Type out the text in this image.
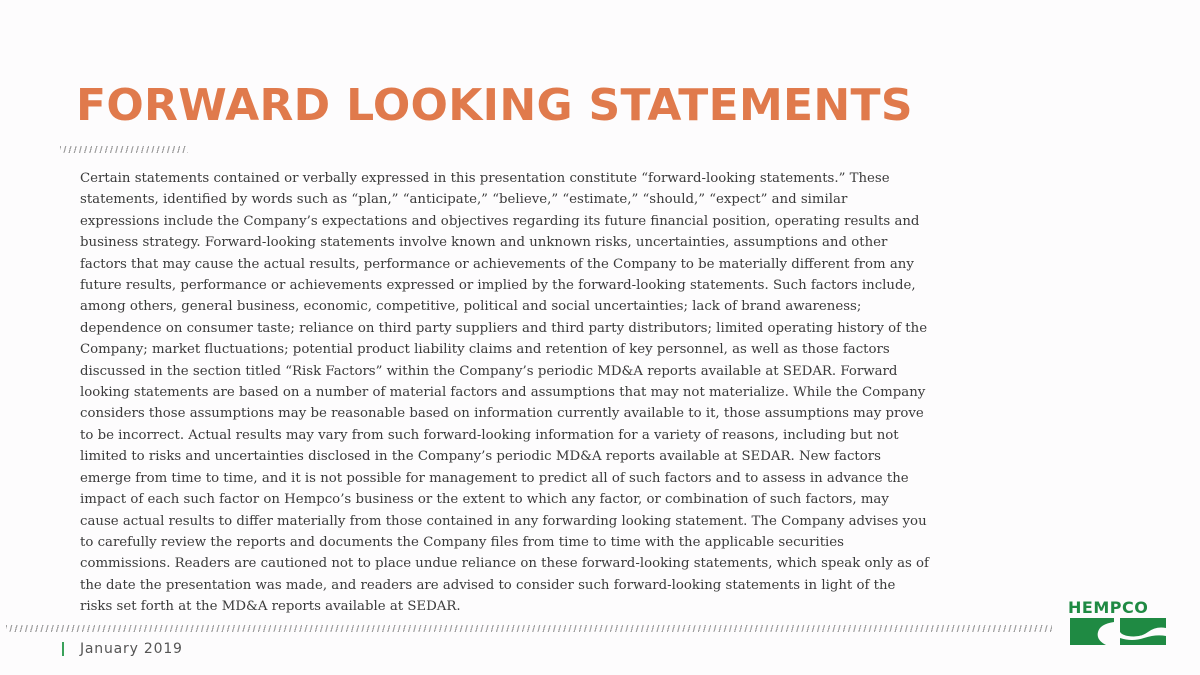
FORWARD LOOKING STATEMENTS

Certain statements contained or verbally expressed in this presentation constitute “forward-looking statements.” These statements, identified by words such as “plan,” “anticipate,” “believe,” “estimate,” “should,” “expect” and similar expressions include the Company’s expectations and objectives regarding its future financial position, operating results and business strategy. Forward-looking statements involve known and unknown risks, uncertainties, assumptions and other factors that may cause the actual results, performance or achievements of the Company to be materially different from any future results, performance or achievements expressed or implied by the forward-looking statements. Such factors include, among others, general business, economic, competitive, political and social uncertainties; lack of brand awareness; dependence on consumer taste; reliance on third party suppliers and third party distributors; limited operating history of the Company; market fluctuations; potential product liability claims and retention of key personnel, as well as those factors discussed in the section titled “Risk Factors” within the Company’s periodic MD&A reports available at SEDAR. Forward looking statements are based on a number of material factors and assumptions that may not materialize. While the Company considers those assumptions may be reasonable based on information currently available to it, those assumptions may prove to be incorrect. Actual results may vary from such forward-looking information for a variety of reasons, including but not limited to risks and uncertainties disclosed in the Company’s periodic MD&A reports available at SEDAR. New factors emerge from time to time, and it is not possible for management to predict all of such factors and to assess in advance the impact of each such factor on Hempco’s business or the extent to which any factor, or combination of such factors, may cause actual results to differ materially from those contained in any forwarding looking statement. The Company advises you to carefully review the reports and documents the Company files from time to time with the applicable securities commissions. Readers are cautioned not to place undue reliance on these forward-looking statements, which speak only as of the date the presentation was made, and readers are advised to consider such forward-looking statements in light of the risks set forth at the MD&A reports available at SEDAR.

January 2019
HEMPCO
